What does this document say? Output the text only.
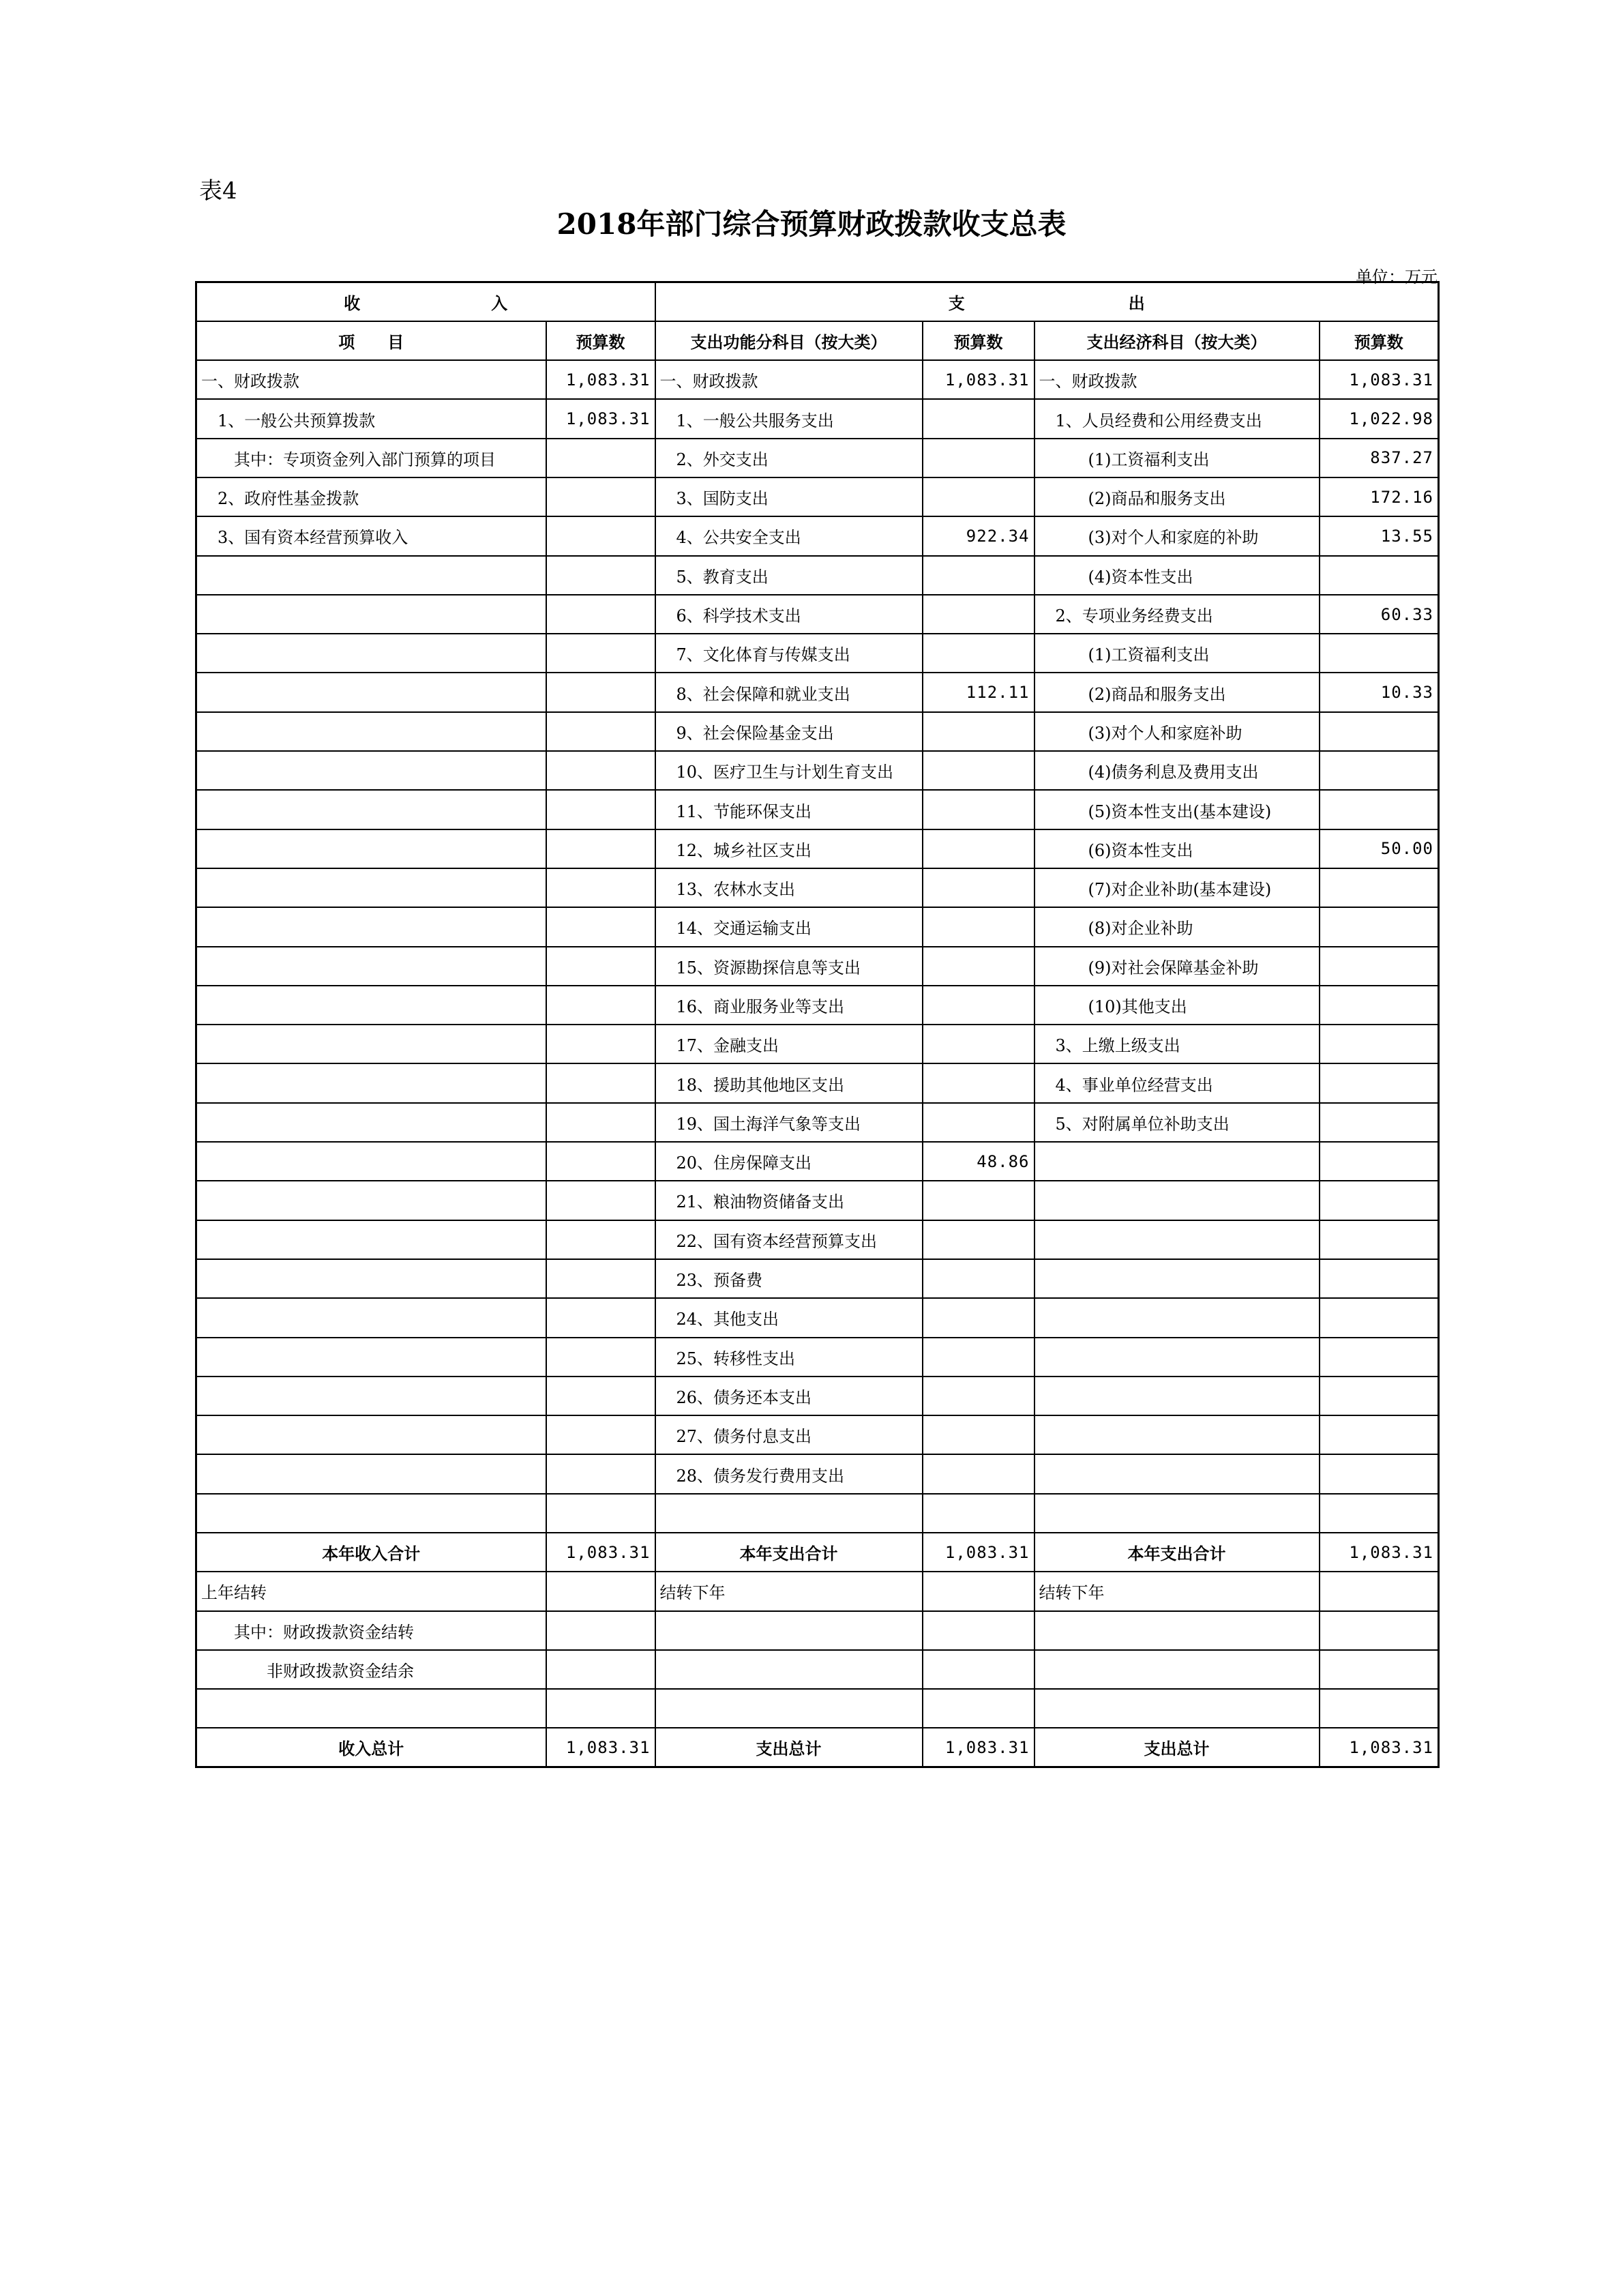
表4
2018年部门综合预算财政拨款收支总表
单位：万元
收　　　　　　　　入		支　　　　　　　　　　出			
项　　目	预算数	支出功能分科目（按大类）	预算数	支出经济科目（按大类）	预算数
一、财政拨款	1,083.31	一、财政拨款	1,083.31	一、财政拨款	1,083.31
　1、一般公共预算拨款	1,083.31	　1、一般公共服务支出		　1、人员经费和公用经费支出	1,022.98
　　其中：专项资金列入部门预算的项目		　2、外交支出		　　　(1)工资福利支出	837.27
　2、政府性基金拨款		　3、国防支出		　　　(2)商品和服务支出	172.16
　3、国有资本经营预算收入		　4、公共安全支出	922.34	　　　(3)对个人和家庭的补助	13.55
		　5、教育支出		　　　(4)资本性支出	
		　6、科学技术支出		　2、专项业务经费支出	60.33
		　7、文化体育与传媒支出		　　　(1)工资福利支出	
		　8、社会保障和就业支出	112.11	　　　(2)商品和服务支出	10.33
		　9、社会保险基金支出		　　　(3)对个人和家庭补助	
		　10、医疗卫生与计划生育支出		　　　(4)债务利息及费用支出	
		　11、节能环保支出		　　　(5)资本性支出(基本建设)	
		　12、城乡社区支出		　　　(6)资本性支出	50.00
		　13、农林水支出		　　　(7)对企业补助(基本建设)	
		　14、交通运输支出		　　　(8)对企业补助	
		　15、资源勘探信息等支出		　　　(9)对社会保障基金补助	
		　16、商业服务业等支出		　　　(10)其他支出	
		　17、金融支出		　3、上缴上级支出	
		　18、援助其他地区支出		　4、事业单位经营支出	
		　19、国土海洋气象等支出		　5、对附属单位补助支出	
		　20、住房保障支出	48.86		
		　21、粮油物资储备支出			
		　22、国有资本经营预算支出			
		　23、预备费			
		　24、其他支出			
		　25、转移性支出			
		　26、债务还本支出			
		　27、债务付息支出			
		　28、债务发行费用支出			

本年收入合计	1,083.31	本年支出合计	1,083.31	本年支出合计	1,083.31
上年结转		结转下年		结转下年	
　　其中：财政拨款资金结转					
　　　　非财政拨款资金结余					

收入总计	1,083.31	支出总计	1,083.31	支出总计	1,083.31
